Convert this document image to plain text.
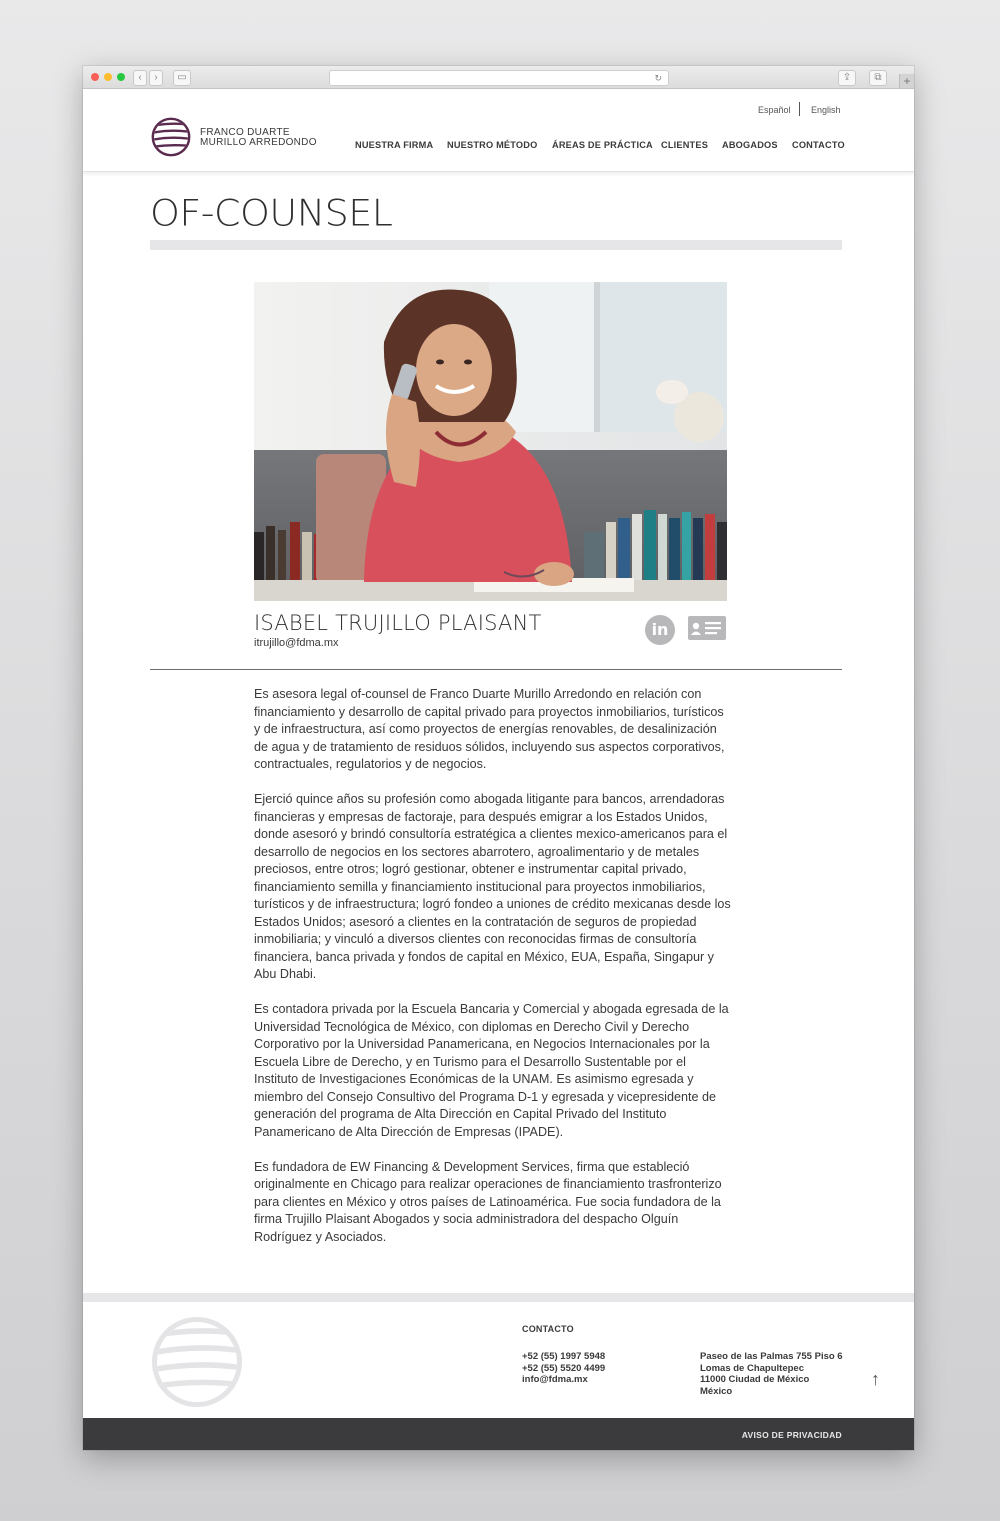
‹	›	▭	↻	⇪	⧉	+
FRANCO DUARTE
MURILLO ARREDONDO
Español English
NUESTRA FIRMA NUESTRO MÉTODO ÁREAS DE PRÁCTICA CLIENTES ABOGADOS CONTACTO
OF-COUNSEL
ISABEL TRUJILLO PLAISANT
itrujillo@fdma.mx
in

Es asesora legal of-counsel de Franco Duarte Murillo Arredondo en relación con financiamiento y desarrollo de capital privado para proyectos inmobiliarios, turísticos y de infraestructura, así como proyectos de energías renovables, de desalinización de agua y de tratamiento de residuos sólidos, incluyendo sus aspectos corporativos, contractuales, regulatorios y de negocios.

Ejerció quince años su profesión como abogada litigante para bancos, arrendadoras financieras y empresas de factoraje, para después emigrar a los Estados Unidos, donde asesoró y brindó consultoría estratégica a clientes mexico-americanos para el desarrollo de negocios en los sectores abarrotero, agroalimentario y de metales preciosos, entre otros; logró gestionar, obtener e instrumentar capital privado, financiamiento semilla y financiamiento institucional para proyectos inmobiliarios, turísticos y de infraestructura; logró fondeo a uniones de crédito mexicanas desde los Estados Unidos; asesoró a clientes en la contratación de seguros de propiedad inmobiliaria; y vinculó a diversos clientes con reconocidas firmas de consultoría financiera, banca privada y fondos de capital en México, EUA, España, Singapur y Abu Dhabi.

Es contadora privada por la Escuela Bancaria y Comercial y abogada egresada de la Universidad Tecnológica de México, con diplomas en Derecho Civil y Derecho Corporativo por la Universidad Panamericana, en Negocios Internacionales por la Escuela Libre de Derecho, y en Turismo para el Desarrollo Sustentable por el Instituto de Investigaciones Económicas de la UNAM. Es asimismo egresada y miembro del Consejo Consultivo del Programa D-1 y egresada y vicepresidente de generación del programa de Alta Dirección en Capital Privado del Instituto Panamericano de Alta Dirección de Empresas (IPADE).

Es fundadora de EW Financing & Development Services, firma que estableció originalmente en Chicago para realizar operaciones de financiamiento trasfronterizo para clientes en México y otros países de Latinoamérica. Fue socia fundadora de la firma Trujillo Plaisant Abogados y socia administradora del despacho Olguín Rodríguez y Asociados.

CONTACTO
+52 (55) 1997 5948
+52 (55) 5520 4499
info@fdma.mx
Paseo de las Palmas 755 Piso 6
Lomas de Chapultepec
11000 Ciudad de México
México
↑
AVISO DE PRIVACIDAD
